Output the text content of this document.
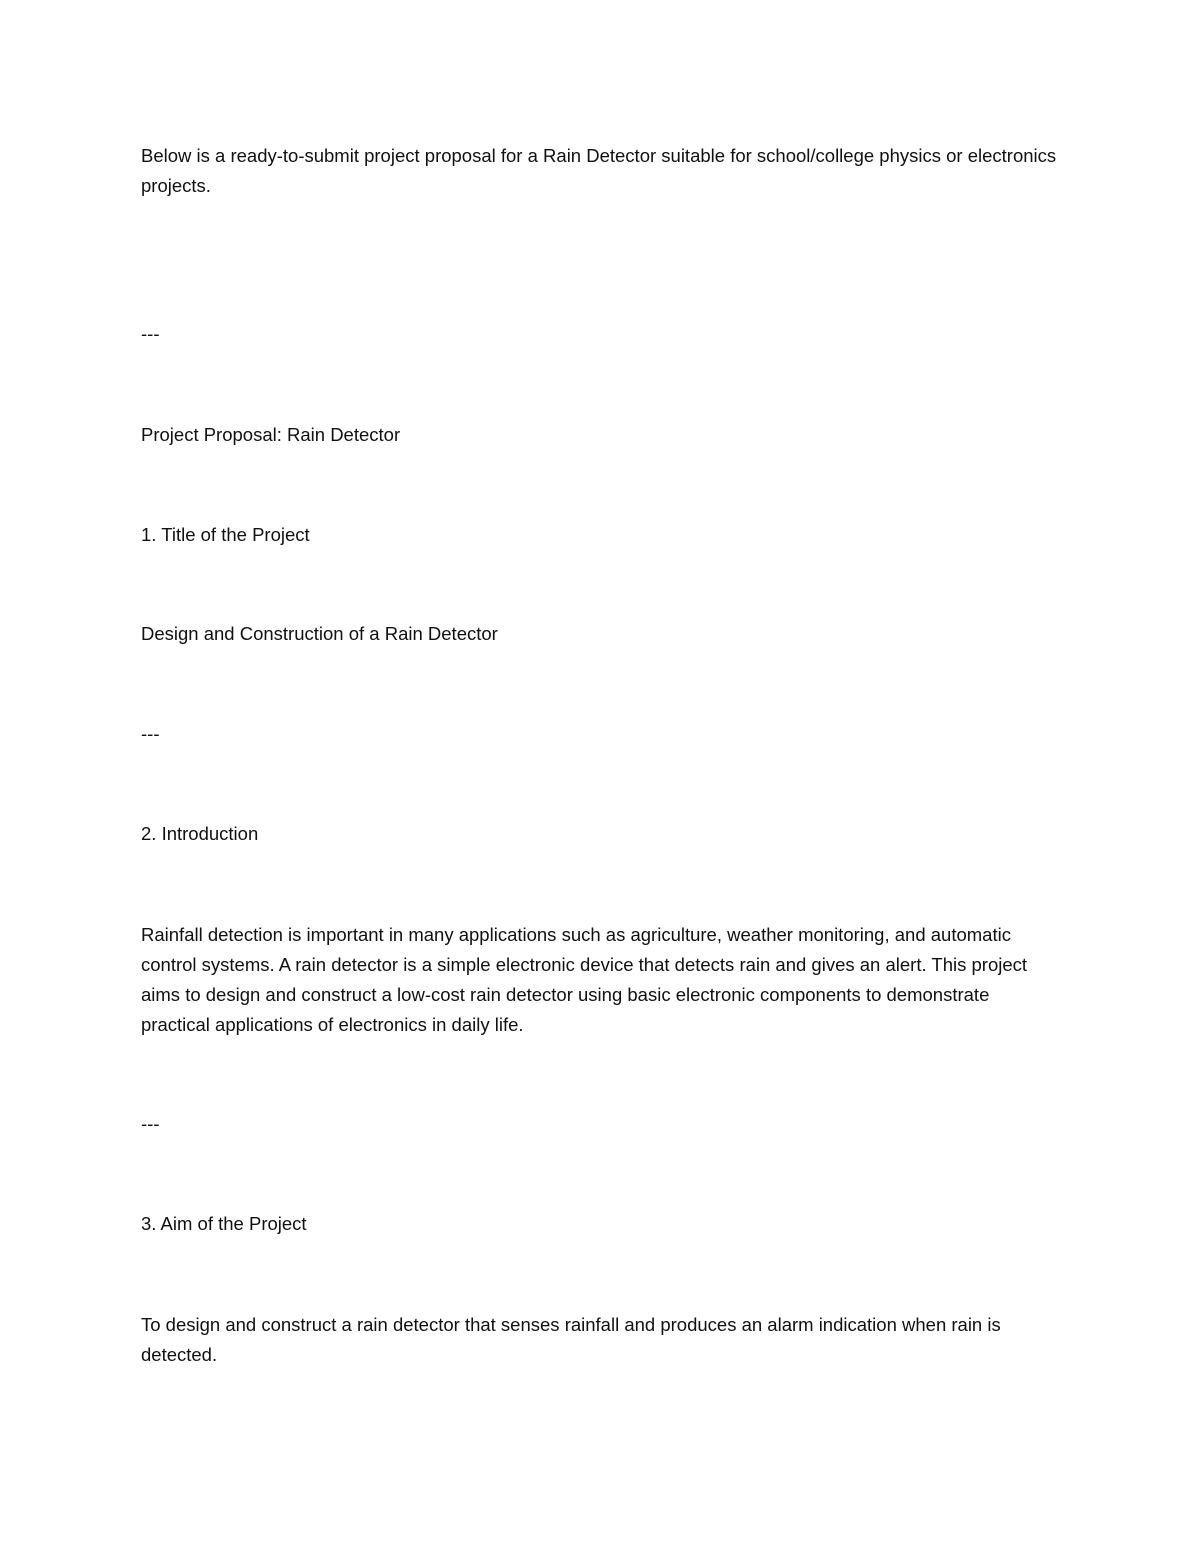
Below is a ready-to-submit project proposal for a Rain Detector suitable for school/college physics or electronics projects.

---

Project Proposal: Rain Detector

1. Title of the Project

Design and Construction of a Rain Detector

---

2. Introduction

Rainfall detection is important in many applications such as agriculture, weather monitoring, and automatic control systems. A rain detector is a simple electronic device that detects rain and gives an alert. This project aims to design and construct a low-cost rain detector using basic electronic components to demonstrate practical applications of electronics in daily life.

---

3. Aim of the Project

To design and construct a rain detector that senses rainfall and produces an alarm indication when rain is detected.
